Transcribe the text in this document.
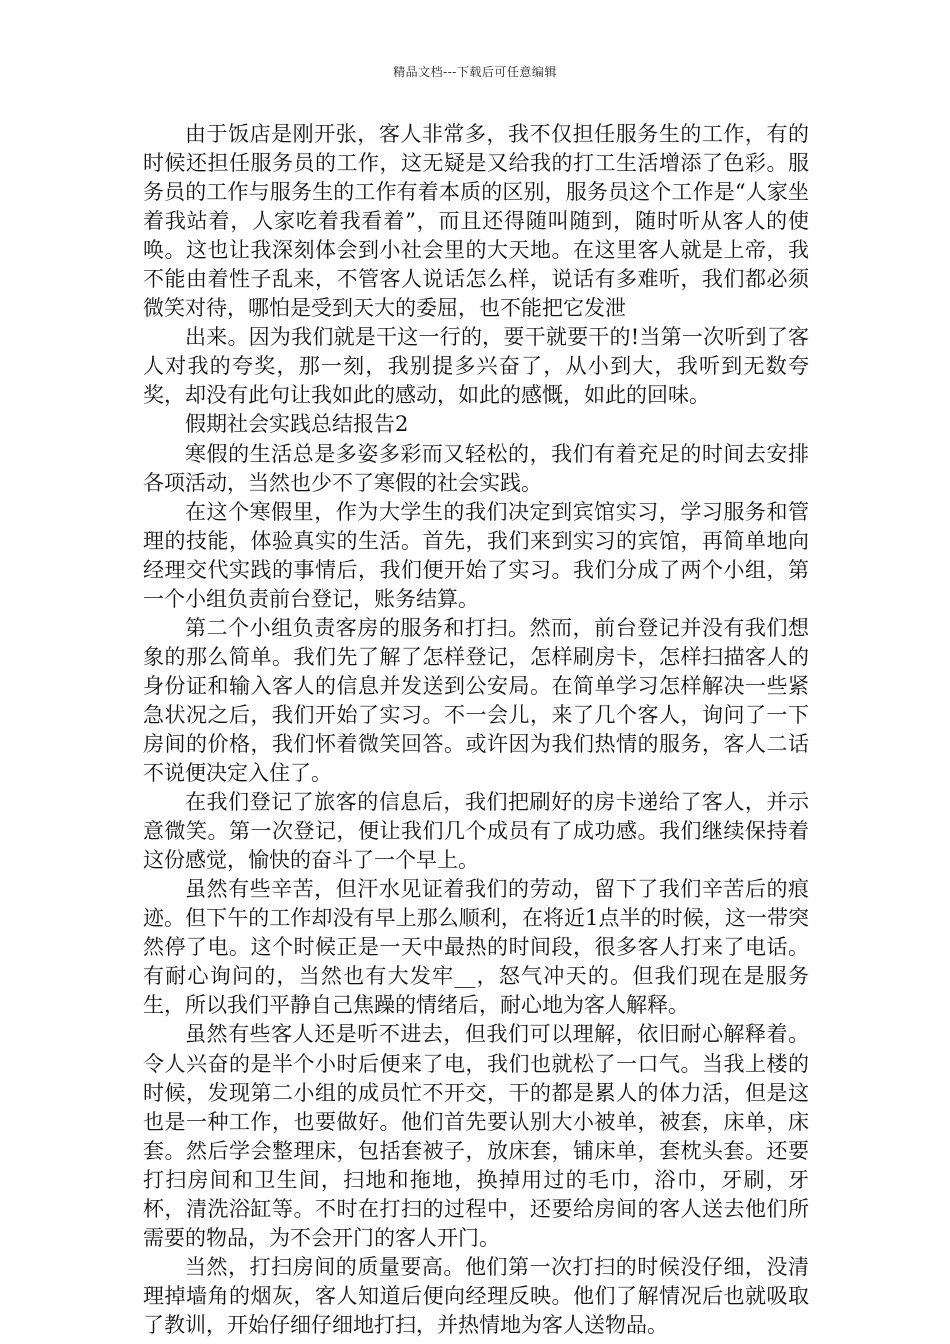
精品文档---下载后可任意编辑

由于饭店是刚开张，客人非常多，我不仅担任服务生的工作，有的时候还担任服务员的工作，这无疑是又给我的打工生活增添了色彩。服务员的工作与服务生的工作有着本质的区别，服务员这个工作是“人家坐着我站着，人家吃着我看着”，而且还得随叫随到，随时听从客人的使唤。这也让我深刻体会到小社会里的大天地。在这里客人就是上帝，我不能由着性子乱来，不管客人说话怎么样，说话有多难听，我们都必须微笑对待，哪怕是受到天大的委屈，也不能把它发泄

出来。因为我们就是干这一行的，要干就要干的!当第一次听到了客人对我的夸奖，那一刻，我别提多兴奋了，从小到大，我听到无数夸奖，却没有此句让我如此的感动，如此的感慨，如此的回味。

假期社会实践总结报告2

寒假的生活总是多姿多彩而又轻松的，我们有着充足的时间去安排各项活动，当然也少不了寒假的社会实践。

在这个寒假里，作为大学生的我们决定到宾馆实习，学习服务和管理的技能，体验真实的生活。首先，我们来到实习的宾馆，再简单地向经理交代实践的事情后，我们便开始了实习。我们分成了两个小组，第一个小组负责前台登记，账务结算。

第二个小组负责客房的服务和打扫。然而，前台登记并没有我们想象的那么简单。我们先了解了怎样登记，怎样刷房卡，怎样扫描客人的身份证和输入客人的信息并发送到公安局。在简单学习怎样解决一些紧急状况之后，我们开始了实习。不一会儿，来了几个客人，询问了一下房间的价格，我们怀着微笑回答。或许因为我们热情的服务，客人二话不说便决定入住了。

在我们登记了旅客的信息后，我们把刷好的房卡递给了客人，并示意微笑。第一次登记，便让我们几个成员有了成功感。我们继续保持着这份感觉，愉快的奋斗了一个早上。

虽然有些辛苦，但汗水见证着我们的劳动，留下了我们辛苦后的痕迹。但下午的工作却没有早上那么顺利，在将近1点半的时候，这一带突然停了电。这个时候正是一天中最热的时间段，很多客人打来了电话。有耐心询问的，当然也有大发牢__，怒气冲天的。但我们现在是服务生，所以我们平静自己焦躁的情绪后，耐心地为客人解释。

虽然有些客人还是听不进去，但我们可以理解，依旧耐心解释着。令人兴奋的是半个小时后便来了电，我们也就松了一口气。当我上楼的时候，发现第二小组的成员忙不开交，干的都是累人的体力活，但是这也是一种工作，也要做好。他们首先要认别大小被单，被套，床单，床套。然后学会整理床，包括套被子，放床套，铺床单，套枕头套。还要打扫房间和卫生间，扫地和拖地，换掉用过的毛巾，浴巾，牙刷，牙杯，清洗浴缸等。不时在打扫的过程中，还要给房间的客人送去他们所需要的物品，为不会开门的客人开门。

当然，打扫房间的质量要高。他们第一次打扫的时候没仔细，没清理掉墙角的烟灰，客人知道后便向经理反映。他们了解情况后也就吸取了教训，开始仔细仔细地打扫，并热情地为客人送物品。
